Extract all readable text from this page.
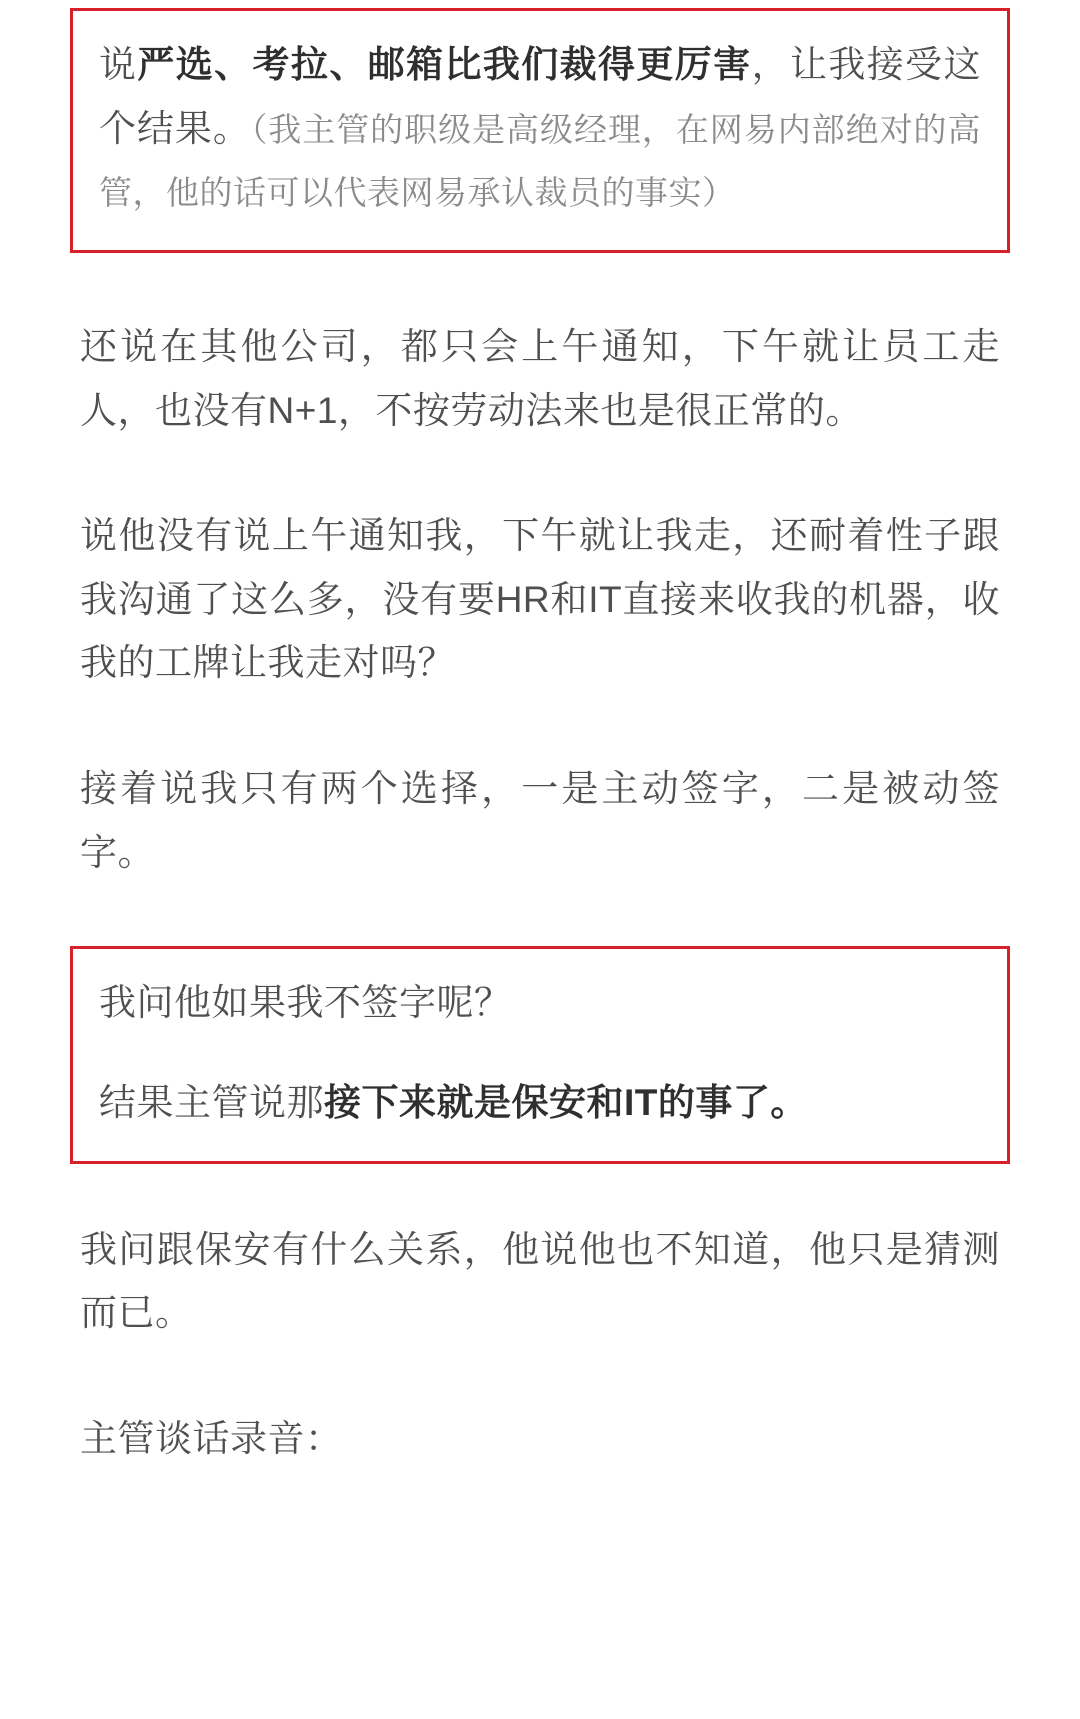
说严选、考拉、邮箱比我们裁得更厉害，让我接受这个结果。（我主管的职级是高级经理，在网易内部绝对的高管，他的话可以代表网易承认裁员的事实）

还说在其他公司，都只会上午通知，下午就让员工走人，也没有N+1，不按劳动法来也是很正常的。

说他没有说上午通知我，下午就让我走，还耐着性子跟我沟通了这么多，没有要HR和IT直接来收我的机器，收我的工牌让我走对吗？

接着说我只有两个选择，一是主动签字，二是被动签字。

我问他如果我不签字呢？

结果主管说那接下来就是保安和IT的事了。

我问跟保安有什么关系，他说他也不知道，他只是猜测而已。

主管谈话录音：
